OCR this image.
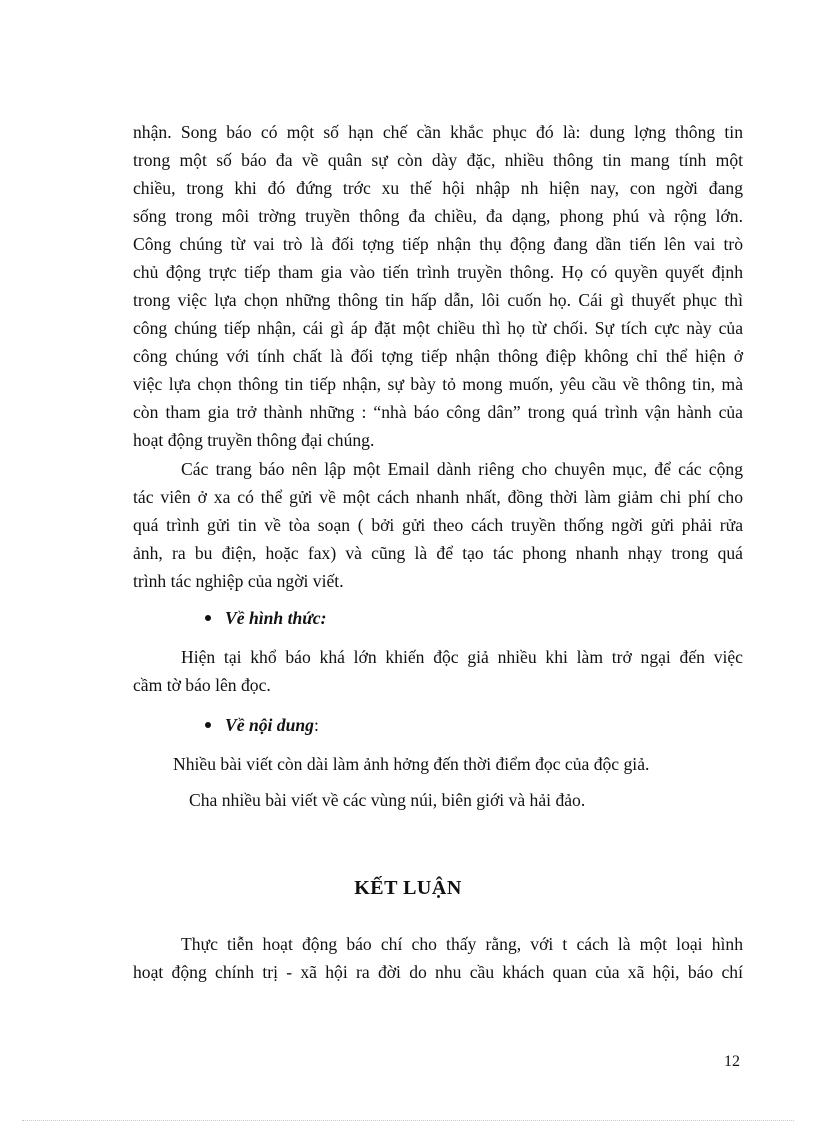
nhận. Song báo có một số hạn chế cần khắc phục đó là: dung lợng thông tin
trong một số báo đa về quân sự còn dày đặc, nhiều thông tin mang tính một
chiều, trong khi đó đứng trớc xu thế hội nhập nh hiện nay, con ngời đang
sống trong môi trờng truyền thông đa chiều, đa dạng, phong phú và rộng lớn.
Công chúng từ vai trò là đối tợng tiếp nhận thụ động đang dần tiến lên vai trò
chủ động trực tiếp tham gia vào tiến trình truyền thông. Họ có quyền quyết định
trong việc lựa chọn những thông tin hấp dẫn, lôi cuốn họ. Cái gì thuyết phục thì
công chúng tiếp nhận, cái gì áp đặt một chiều thì họ từ chối. Sự tích cực này của
công chúng với tính chất là đối tợng tiếp nhận thông điệp không chỉ thể hiện ở
việc lựa chọn thông tin tiếp nhận, sự bày tỏ mong muốn, yêu cầu về thông tin, mà
còn tham gia trở thành những : “nhà báo công dân” trong quá trình vận hành của
hoạt động truyền thông đại chúng.
Các trang báo nên lập một Email dành riêng cho chuyên mục, để các cộng
tác viên ở xa có thể gửi về một cách nhanh nhất, đồng thời làm giảm chi phí cho
quá trình gửi tin về tòa soạn ( bởi gửi theo cách truyền thống ngời gửi phải rửa
ảnh, ra bu điện, hoặc fax) và cũng là để tạo tác phong nhanh nhạy trong quá
trình tác nghiệp của ngời viết.
Về hình thức:
Hiện tại khổ báo khá lớn khiến độc giả nhiều khi làm trở ngại đến việc
cầm tờ báo lên đọc.
Về nội dung:
Nhiều bài viết còn dài làm ảnh hởng đến thời điểm đọc của độc giả.
Cha nhiều bài viết về các vùng núi, biên giới và hải đảo.
KẾT LUẬN
Thực tiễn hoạt động báo chí cho thấy rằng, với t cách là một loại hình
hoạt động chính trị - xã hội ra đời do nhu cầu khách quan của xã hội, báo chí
12
